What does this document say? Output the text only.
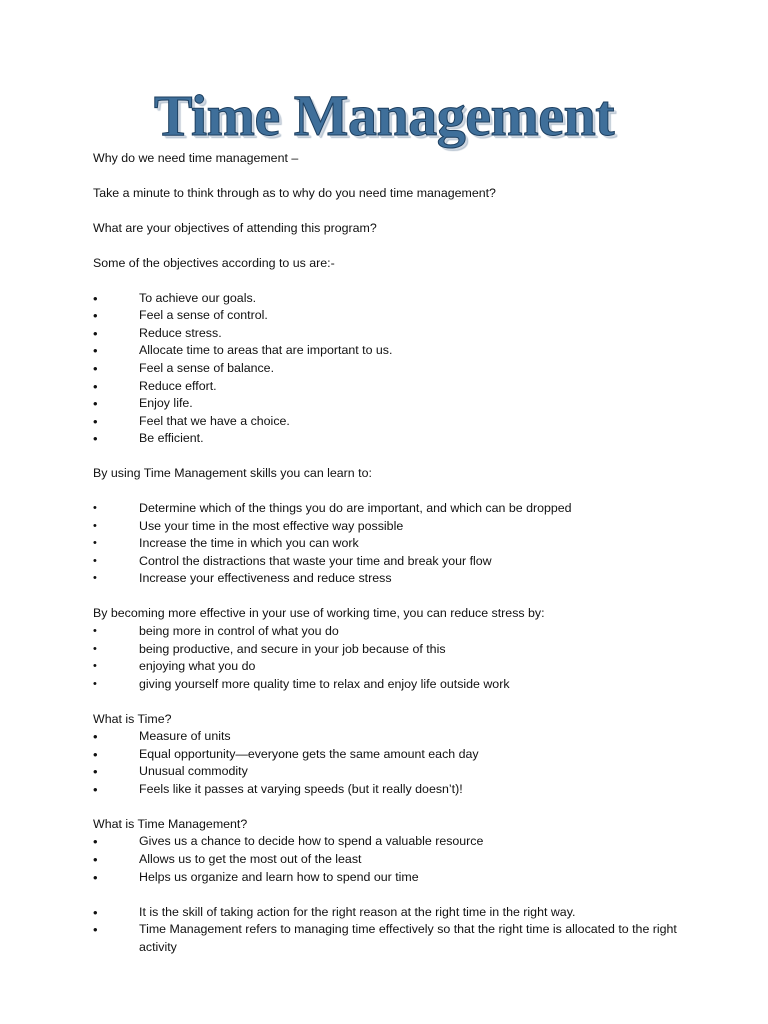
Time Management

Why do we need time management –

Take a minute to think through as to why do you need time management?

What are your objectives of attending this program?

Some of the objectives according to us are:-

•	To achieve our goals.
•	Feel a sense of control.
•	Reduce stress.
•	Allocate time to areas that are important to us.
•	Feel a sense of balance.
•	Reduce effort.
•	Enjoy life.
•	Feel that we have a choice.
•	Be efficient.

By using Time Management skills you can learn to:

•	Determine which of the things you do are important, and which can be dropped
•	Use your time in the most effective way possible
•	Increase the time in which you can work
•	Control the distractions that waste your time and break your flow
•	Increase your effectiveness and reduce stress

By becoming more effective in your use of working time, you can reduce stress by:

•	being more in control of what you do
•	being productive, and secure in your job because of this
•	enjoying what you do
•	giving yourself more quality time to relax and enjoy life outside work

What is Time?

•	Measure of units
•	Equal opportunity—everyone gets the same amount each day
•	Unusual commodity
•	Feels like it passes at varying speeds (but it really doesn’t)!

What is Time Management?

•	Gives us a chance to decide how to spend a valuable resource
•	Allows us to get the most out of the least
•	Helps us organize and learn how to spend our time
•	It is the skill of taking action for the right reason at the right time in the right way.
•	Time Management refers to managing time effectively so that the right time is allocated to the right activity
